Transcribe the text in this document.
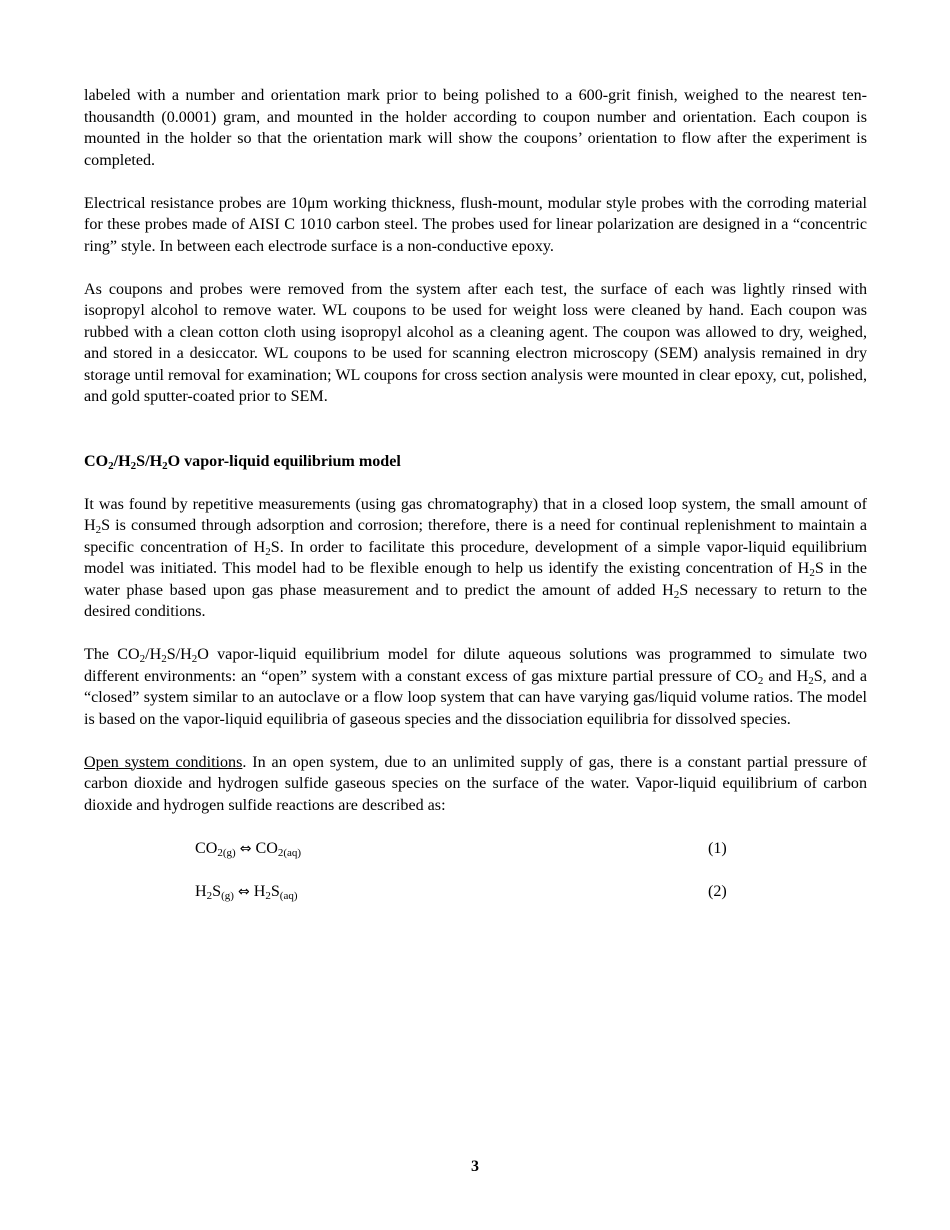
labeled with a number and orientation mark prior to being polished to a 600-grit finish, weighed to the nearest ten-thousandth (0.0001) gram, and mounted in the holder according to coupon number and orientation. Each coupon is mounted in the holder so that the orientation mark will show the coupons’ orientation to flow after the experiment is completed.

Electrical resistance probes are 10μm working thickness, flush-mount, modular style probes with the corroding material for these probes made of AISI C 1010 carbon steel. The probes used for linear polarization are designed in a “concentric ring” style. In between each electrode surface is a non-conductive epoxy.

As coupons and probes were removed from the system after each test, the surface of each was lightly rinsed with isopropyl alcohol to remove water. WL coupons to be used for weight loss were cleaned by hand. Each coupon was rubbed with a clean cotton cloth using isopropyl alcohol as a cleaning agent. The coupon was allowed to dry, weighed, and stored in a desiccator. WL coupons to be used for scanning electron microscopy (SEM) analysis remained in dry storage until removal for examination; WL coupons for cross section analysis were mounted in clear epoxy, cut, polished, and gold sputter-coated prior to SEM.

$CO_2/H_2S/H_2O$ vapor-liquid equilibrium model

It was found by repetitive measurements (using gas chromatography) that in a closed loop system, the small amount of $H_2S$ is consumed through adsorption and corrosion; therefore, there is a need for continual replenishment to maintain a specific concentration of $H_2S$. In order to facilitate this procedure, development of a simple vapor-liquid equilibrium model was initiated. This model had to be flexible enough to help us identify the existing concentration of $H_2S$ in the water phase based upon gas phase measurement and to predict the amount of added $H_2S$ necessary to return to the desired conditions.

The $CO_2/H_2S/H_2O$ vapor-liquid equilibrium model for dilute aqueous solutions was programmed to simulate two different environments: an “open” system with a constant excess of gas mixture partial pressure of $CO_2$ and $H_2S$, and a “closed” system similar to an autoclave or a flow loop system that can have varying gas/liquid volume ratios. The model is based on the vapor-liquid equilibria of gaseous species and the dissociation equilibria for dissolved species.

Open system conditions. In an open system, due to an unlimited supply of gas, there is a constant partial pressure of carbon dioxide and hydrogen sulfide gaseous species on the surface of the water. Vapor-liquid equilibrium of carbon dioxide and hydrogen sulfide reactions are described as:

$CO_{2(g)}$ ⇔ $CO_{2(aq)}$	(1)
$H_2S_{(g)}$ ⇔ $H_2S_{(aq)}$	(2)
3
